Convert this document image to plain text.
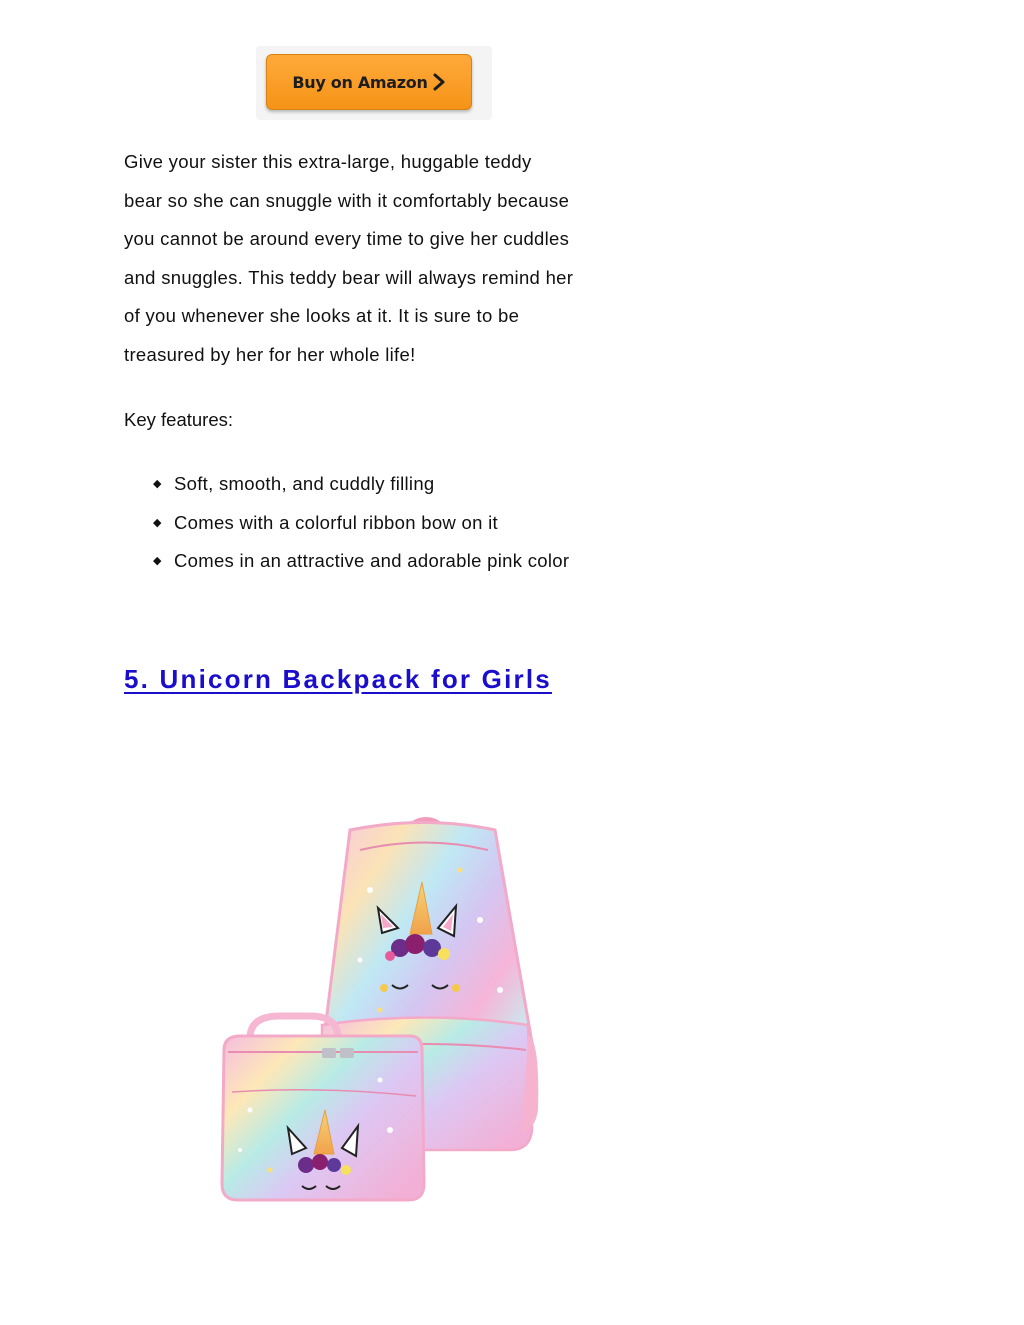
Buy on Amazon

Give your sister this extra-large, huggable teddy
bear so she can snuggle with it comfortably because
you cannot be around every time to give her cuddles
and snuggles. This teddy bear will always remind her
of you whenever she looks at it. It is sure to be
treasured by her for her whole life!

Key features:

◆ Soft, smooth, and cuddly filling
◆ Comes with a colorful ribbon bow on it
◆ Comes in an attractive and adorable pink color
5. Unicorn Backpack for Girls
